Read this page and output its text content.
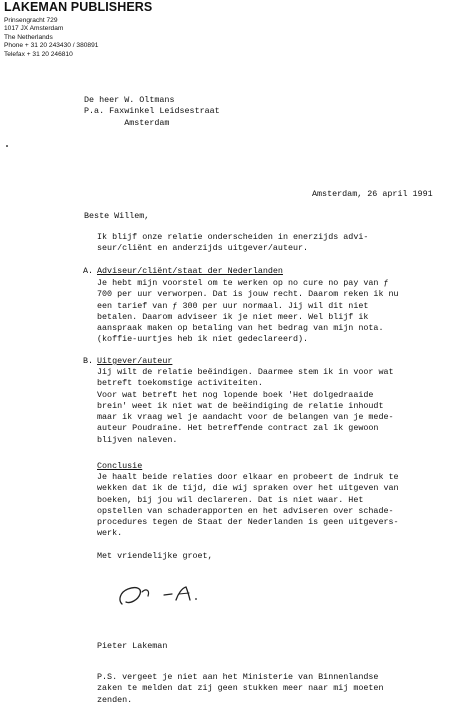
LAKEMAN PUBLISHERS
Prinsengracht 729
1017 JX Amsterdam
The Netherlands
Phone + 31 20 243430 / 380891
Telefax + 31 20 246810
De heer W. Oltmans
P.a. Faxwinkel Leidsestraat
Amsterdam
Amsterdam, 26 april 1991
Beste Willem,
Ik blijf onze relatie onderscheiden in enerzijds advi-
seur/cliënt en anderzijds uitgever/auteur.
A. Adviseur/cliënt/staat der Nederlanden
Je hebt mijn voorstel om te werken op no cure no pay van ƒ
700 per uur verworpen. Dat is jouw recht. Daarom reken ik nu
een tarief van ƒ 300 per uur normaal. Jij wil dit niet
betalen. Daarom adviseer ik je niet meer. Wel blijf ik
aanspraak maken op betaling van het bedrag van mijn nota.
(koffie-uurtjes heb ik niet gedeclareerd).
B. Uitgever/auteur
Jij wilt de relatie beëindigen. Daarmee stem ik in voor wat
betreft toekomstige activiteiten.
Voor wat betreft het nog lopende boek 'Het dolgedraaide
brein' weet ik niet wat de beëindiging de relatie inhoudt
maar ik vraag wel je aandacht voor de belangen van je mede-
auteur Poudraine. Het betreffende contract zal ik gewoon
blijven naleven.
Conclusie
Je haalt beide relaties door elkaar en probeert de indruk te
wekken dat ik de tijd, die wij spraken over het uitgeven van
boeken, bij jou wil declareren. Dat is niet waar. Het
opstellen van schaderapporten en het adviseren over schade-
procedures tegen de Staat der Nederlanden is geen uitgevers-
werk.
Met vriendelijke groet,
Pieter Lakeman
P.S. vergeet je niet aan het Ministerie van Binnenlandse
zaken te melden dat zij geen stukken meer naar mij moeten
zenden.
